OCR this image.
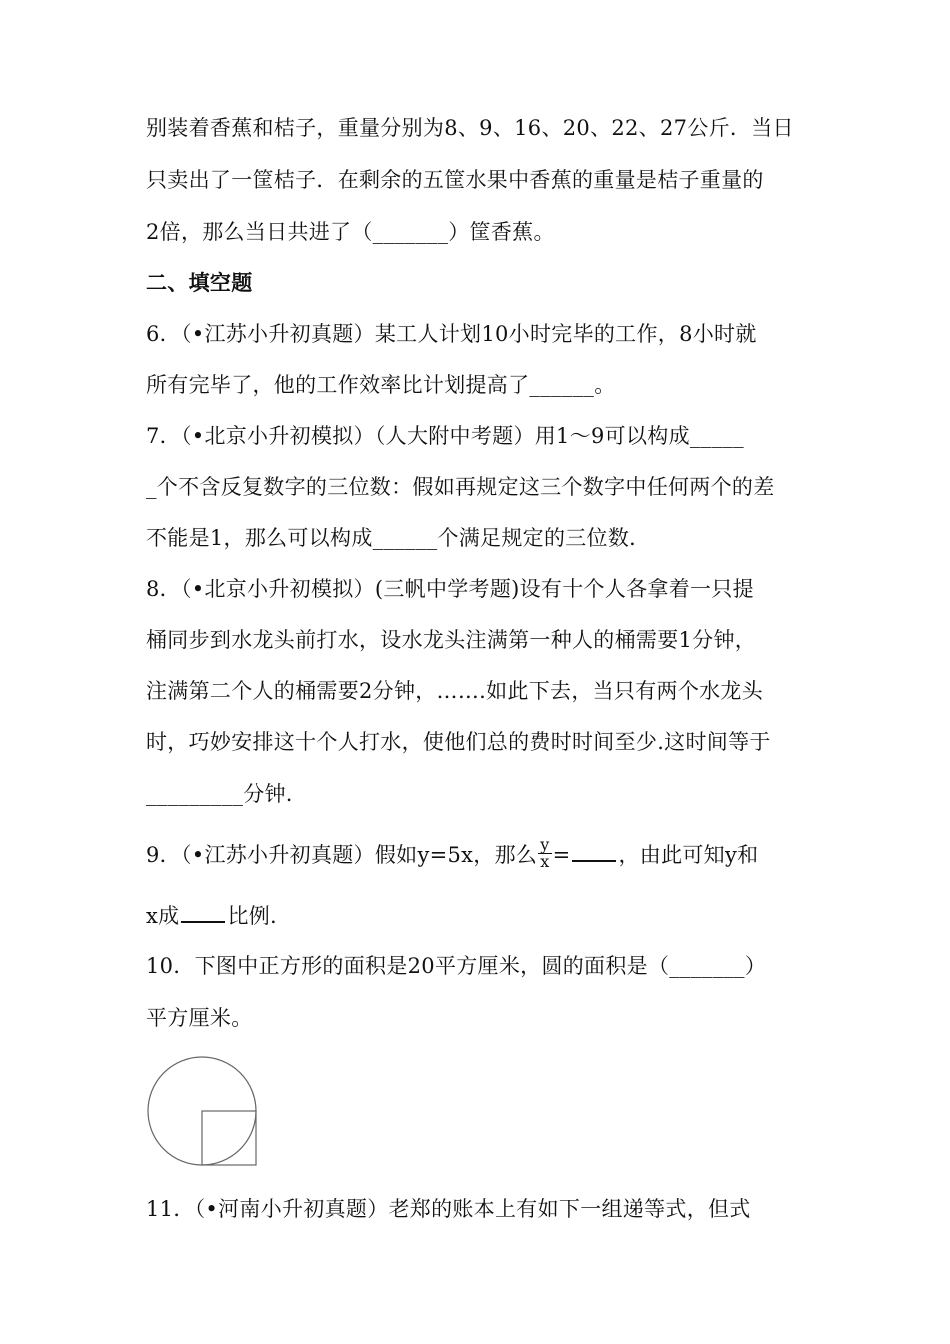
别装着香蕉和桔子，重量分别为8、9、16、20、22、27公斤．当日
只卖出了一筐桔子．在剩余的五筐水果中香蕉的重量是桔子重量的
2倍，那么当日共进了（_______）筐香蕉。
二、填空题
6．（•江苏小升初真题）某工人计划10小时完毕的工作，8小时就
所有完毕了，他的工作效率比计划提高了______。
7．（•北京小升初模拟）（人大附中考题）用1～9可以构成_____
_个不含反复数字的三位数：假如再规定这三个数字中任何两个的差
不能是1，那么可以构成______个满足规定的三位数．
8．（•北京小升初模拟）(三帆中学考题)设有十个人各拿着一只提
桶同步到水龙头前打水，设水龙头注满第一种人的桶需要1分钟，
注满第二个人的桶需要2分钟，…….如此下去，当只有两个水龙头
时，巧妙安排这十个人打水，使他们总的费时时间至少.这时间等于
_________分钟.
9．（•江苏小升初真题）假如y=5x，那么 $\frac{y}{x}$ = ，由此可知y和
x成 比例.
10．下图中正方形的面积是20平方厘米，圆的面积是（_______）
平方厘米。
11．（•河南小升初真题）老郑的账本上有如下一组递等式，但式
